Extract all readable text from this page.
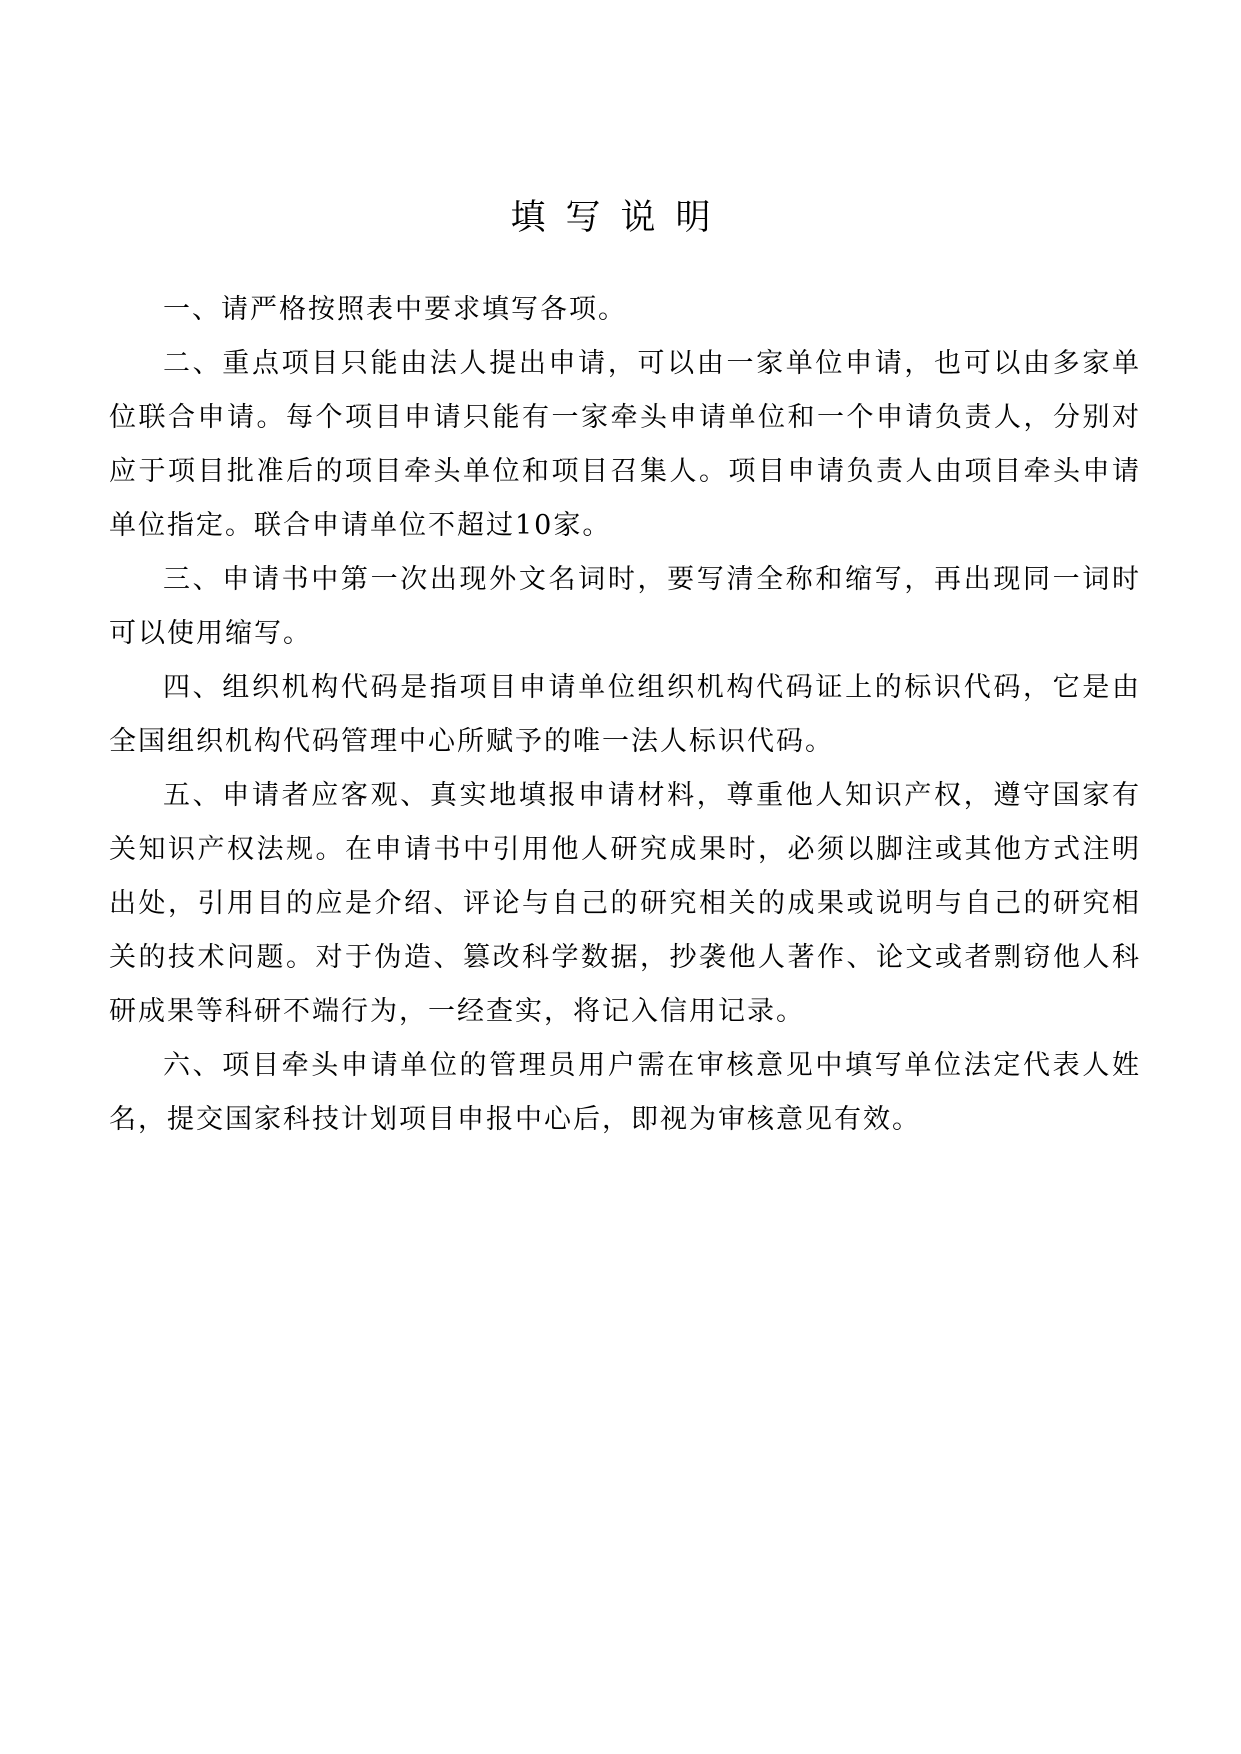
填写说明

一、请严格按照表中要求填写各项。

二、重点项目只能由法人提出申请，可以由一家单位申请，也可以由多家单位联合申请。每个项目申请只能有一家牵头申请单位和一个申请负责人，分别对应于项目批准后的项目牵头单位和项目召集人。项目申请负责人由项目牵头申请单位指定。联合申请单位不超过10家。

三、申请书中第一次出现外文名词时，要写清全称和缩写，再出现同一词时可以使用缩写。

四、组织机构代码是指项目申请单位组织机构代码证上的标识代码，它是由全国组织机构代码管理中心所赋予的唯一法人标识代码。

五、申请者应客观、真实地填报申请材料，尊重他人知识产权，遵守国家有关知识产权法规。在申请书中引用他人研究成果时，必须以脚注或其他方式注明出处，引用目的应是介绍、评论与自己的研究相关的成果或说明与自己的研究相关的技术问题。对于伪造、篡改科学数据，抄袭他人著作、论文或者剽窃他人科研成果等科研不端行为，一经查实，将记入信用记录。

六、项目牵头申请单位的管理员用户需在审核意见中填写单位法定代表人姓名，提交国家科技计划项目申报中心后，即视为审核意见有效。
